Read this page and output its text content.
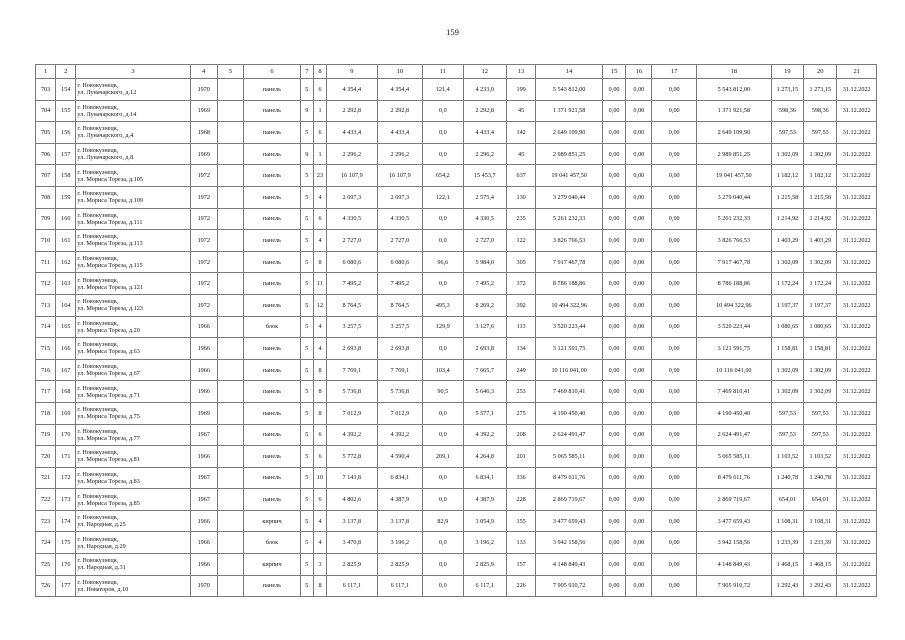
159
1	2	3	4	5	6	7	8	9	10	11	12	13	14	15	16	17	18	19	20	21
703	154	г. Новокузнецк,
ул. Луначарского, д.12	1970		панель	5	6	4 354,4	4 354,4	121,4	4 233,0	199	5 543 812,00	0,00	0,00	0,00	5 543 812,00	1 273,15	1 273,15	31.12.2022
704	155	г. Новокузнецк,
ул. Луначарского, д.14	1969		панель	9	1	2 292,8	2 292,8	0,0	2 292,8	45	1 371 921,58	0,00	0,00	0,00	1 371 921,58	598,36	598,36	31.12.2022
705	156	г. Новокузнецк,
ул. Луначарского, д.4	1968		панель	5	6	4 433,4	4 433,4	0,0	4 433,4	142	2 649 109,90	0,00	0,00	0,00	2 649 109,90	597,53	597,53	31.12.2022
706	157	г. Новокузнецк,
ул. Луначарского, д.8	1969		панель	9	1	2 296,2	2 296,2	0,0	2 296,2	45	2 989 851,25	0,00	0,00	0,00	2 989 851,25	1 302,09	1 302,09	31.12.2022
707	158	г. Новокузнецк,
ул. Мориса Тореза, д.105	1972		панель	5	23	16 107,9	16 107,9	654,2	15 453,7	637	19 041 457,50	0,00	0,00	0,00	19 041 457,50	1 182,12	1 182,12	31.12.2022
708	159	г. Новокузнецк,
ул. Мориса Тореза, д.109	1972		панель	5	4	2 697,3	2 697,3	122,1	2 575,4	130	3 279 040,44	0,00	0,00	0,00	3 279 040,44	1 215,58	1 215,58	31.12.2022
709	160	г. Новокузнецк,
ул. Мориса Тореза, д.111	1972		панель	5	6	4 330,5	4 330,5	0,0	4 330,5	235	5 261 232,33	0,00	0,00	0,00	5 261 232,33	1 214,92	1 214,92	31.12.2022
710	161	г. Новокузнецк,
ул. Мориса Тореза, д.113	1972		панель	5	4	2 727,0	2 727,0	0,0	2 727,0	122	3 826 766,53	0,00	0,00	0,00	3 826 766,53	1 403,29	1 403,29	31.12.2022
711	162	г. Новокузнецк,
ул. Мориса Тореза, д.115	1972		панель	5	8	6 080,6	6 080,6	96,6	5 984,0	305	7 917 467,78	0,00	0,00	0,00	7 917 467,78	1 302,09	1 302,09	31.12.2022
712	163	г. Новокузнецк,
ул. Мориса Тореза, д.121	1972		панель	5	11	7 495,2	7 495,2	0,0	7 495,2	372	8 786 188,86	0,00	0,00	0,00	8 786 188,86	1 172,24	1 172,24	31.12.2022
713	164	г. Новокузнецк,
ул. Мориса Тореза, д.123	1972		панель	5	12	8 764,5	8 764,5	495,3	8 269,2	392	10 494 322,96	0,00	0,00	0,00	10 494 322,96	1 197,37	1 197,37	31.12.2022
714	165	г. Новокузнецк,
ул. Мориса Тореза, д.20	1966		блок	5	4	3 257,5	3 257,5	129,9	3 127,6	113	3 520 223,44	0,00	0,00	0,00	3 520 223,44	1 080,65	1 080,65	31.12.2022
715	166	г. Новокузнецк,
ул. Мориса Тореза, д.63	1966		панель	5	4	2 693,8	2 693,8	0,0	2 693,8	134	3 121 591,75	0,00	0,00	0,00	3 121 591,75	1 158,81	1 158,81	31.12.2022
716	167	г. Новокузнецк,
ул. Мориса Тореза, д.67	1966		панель	5	8	7 769,1	7 769,1	103,4	7 665,7	249	10 116 041,00	0,00	0,00	0,00	10 116 041,00	1 302,09	1 302,09	31.12.2022
717	168	г. Новокузнецк,
ул. Мориса Тореза, д.71	1966		панель	5	8	5 736,8	5 736,8	90,5	5 646,3	253	7 469 810,41	0,00	0,00	0,00	7 469 810,41	1 302,09	1 302,09	31.12.2022
718	169	г. Новокузнецк,
ул. Мориса Тореза, д.75	1969		панель	5	8	7 012,9	7 012,9	0,0	5 577,1	275	4 190 450,40	0,00	0,00	0,00	4 190 450,40	597,53	597,53	31.12.2022
719	170	г. Новокузнецк,
ул. Мориса Тореза, д.77	1967		панель	5	6	4 392,2	4 392,2	0,0	4 392,2	208	2 624 491,47	0,00	0,00	0,00	2 624 491,47	597,53	597,53	31.12.2022
720	171	г. Новокузнецк,
ул. Мориса Тореза, д.81	1966		панель	5	6	5 772,8	4 590,4	209,1	4 264,8	201	5 065 585,11	0,00	0,00	0,00	5 065 585,11	1 103,52	1 103,52	31.12.2022
721	172	г. Новокузнецк,
ул. Мориса Тореза, д.83	1967		панель	5	10	7 143,8	6 834,1	0,0	6 834,1	336	8 479 611,76	0,00	0,00	0,00	8 479 611,76	1 240,78	1 240,78	31.12.2022
722	173	г. Новокузнецк,
ул. Мориса Тореза, д.85	1967		панель	5	6	4 802,6	4 387,9	0,0	4 387,9	228	2 869 719,67	0,00	0,00	0,00	2 869 719,67	654,01	654,01	31.12.2022
723	174	г. Новокузнецк,
ул. Народная, д.25	1966		кирпич	5	4	3 137,8	3 137,8	82,9	3 054,9	155	3 477 659,43	0,00	0,00	0,00	3 477 659,43	1 108,31	1 108,31	31.12.2022
724	175	г. Новокузнецк,
ул. Народная, д.29	1966		блок	5	4	3 470,8	3 196,2	0,0	3 196,2	133	3 942 158,56	0,00	0,00	0,00	3 942 158,56	1 233,39	1 233,39	31.12.2022
725	176	г. Новокузнецк,
ул. Народная, д.31	1966		кирпич	5	3	2 825,9	2 825,9	0,0	2 825,9	157	4 148 849,43	0,00	0,00	0,00	4 148 849,43	1 468,15	1 468,15	31.12.2022
726	177	г. Новокузнецк,
ул. Новаторов, д.10	1970		панель	5	8	6 117,1	6 117,1	0,0	6 117,1	226	7 905 910,72	0,00	0,00	0,00	7 905 910,72	1 292,43	1 292,43	31.12.2022
